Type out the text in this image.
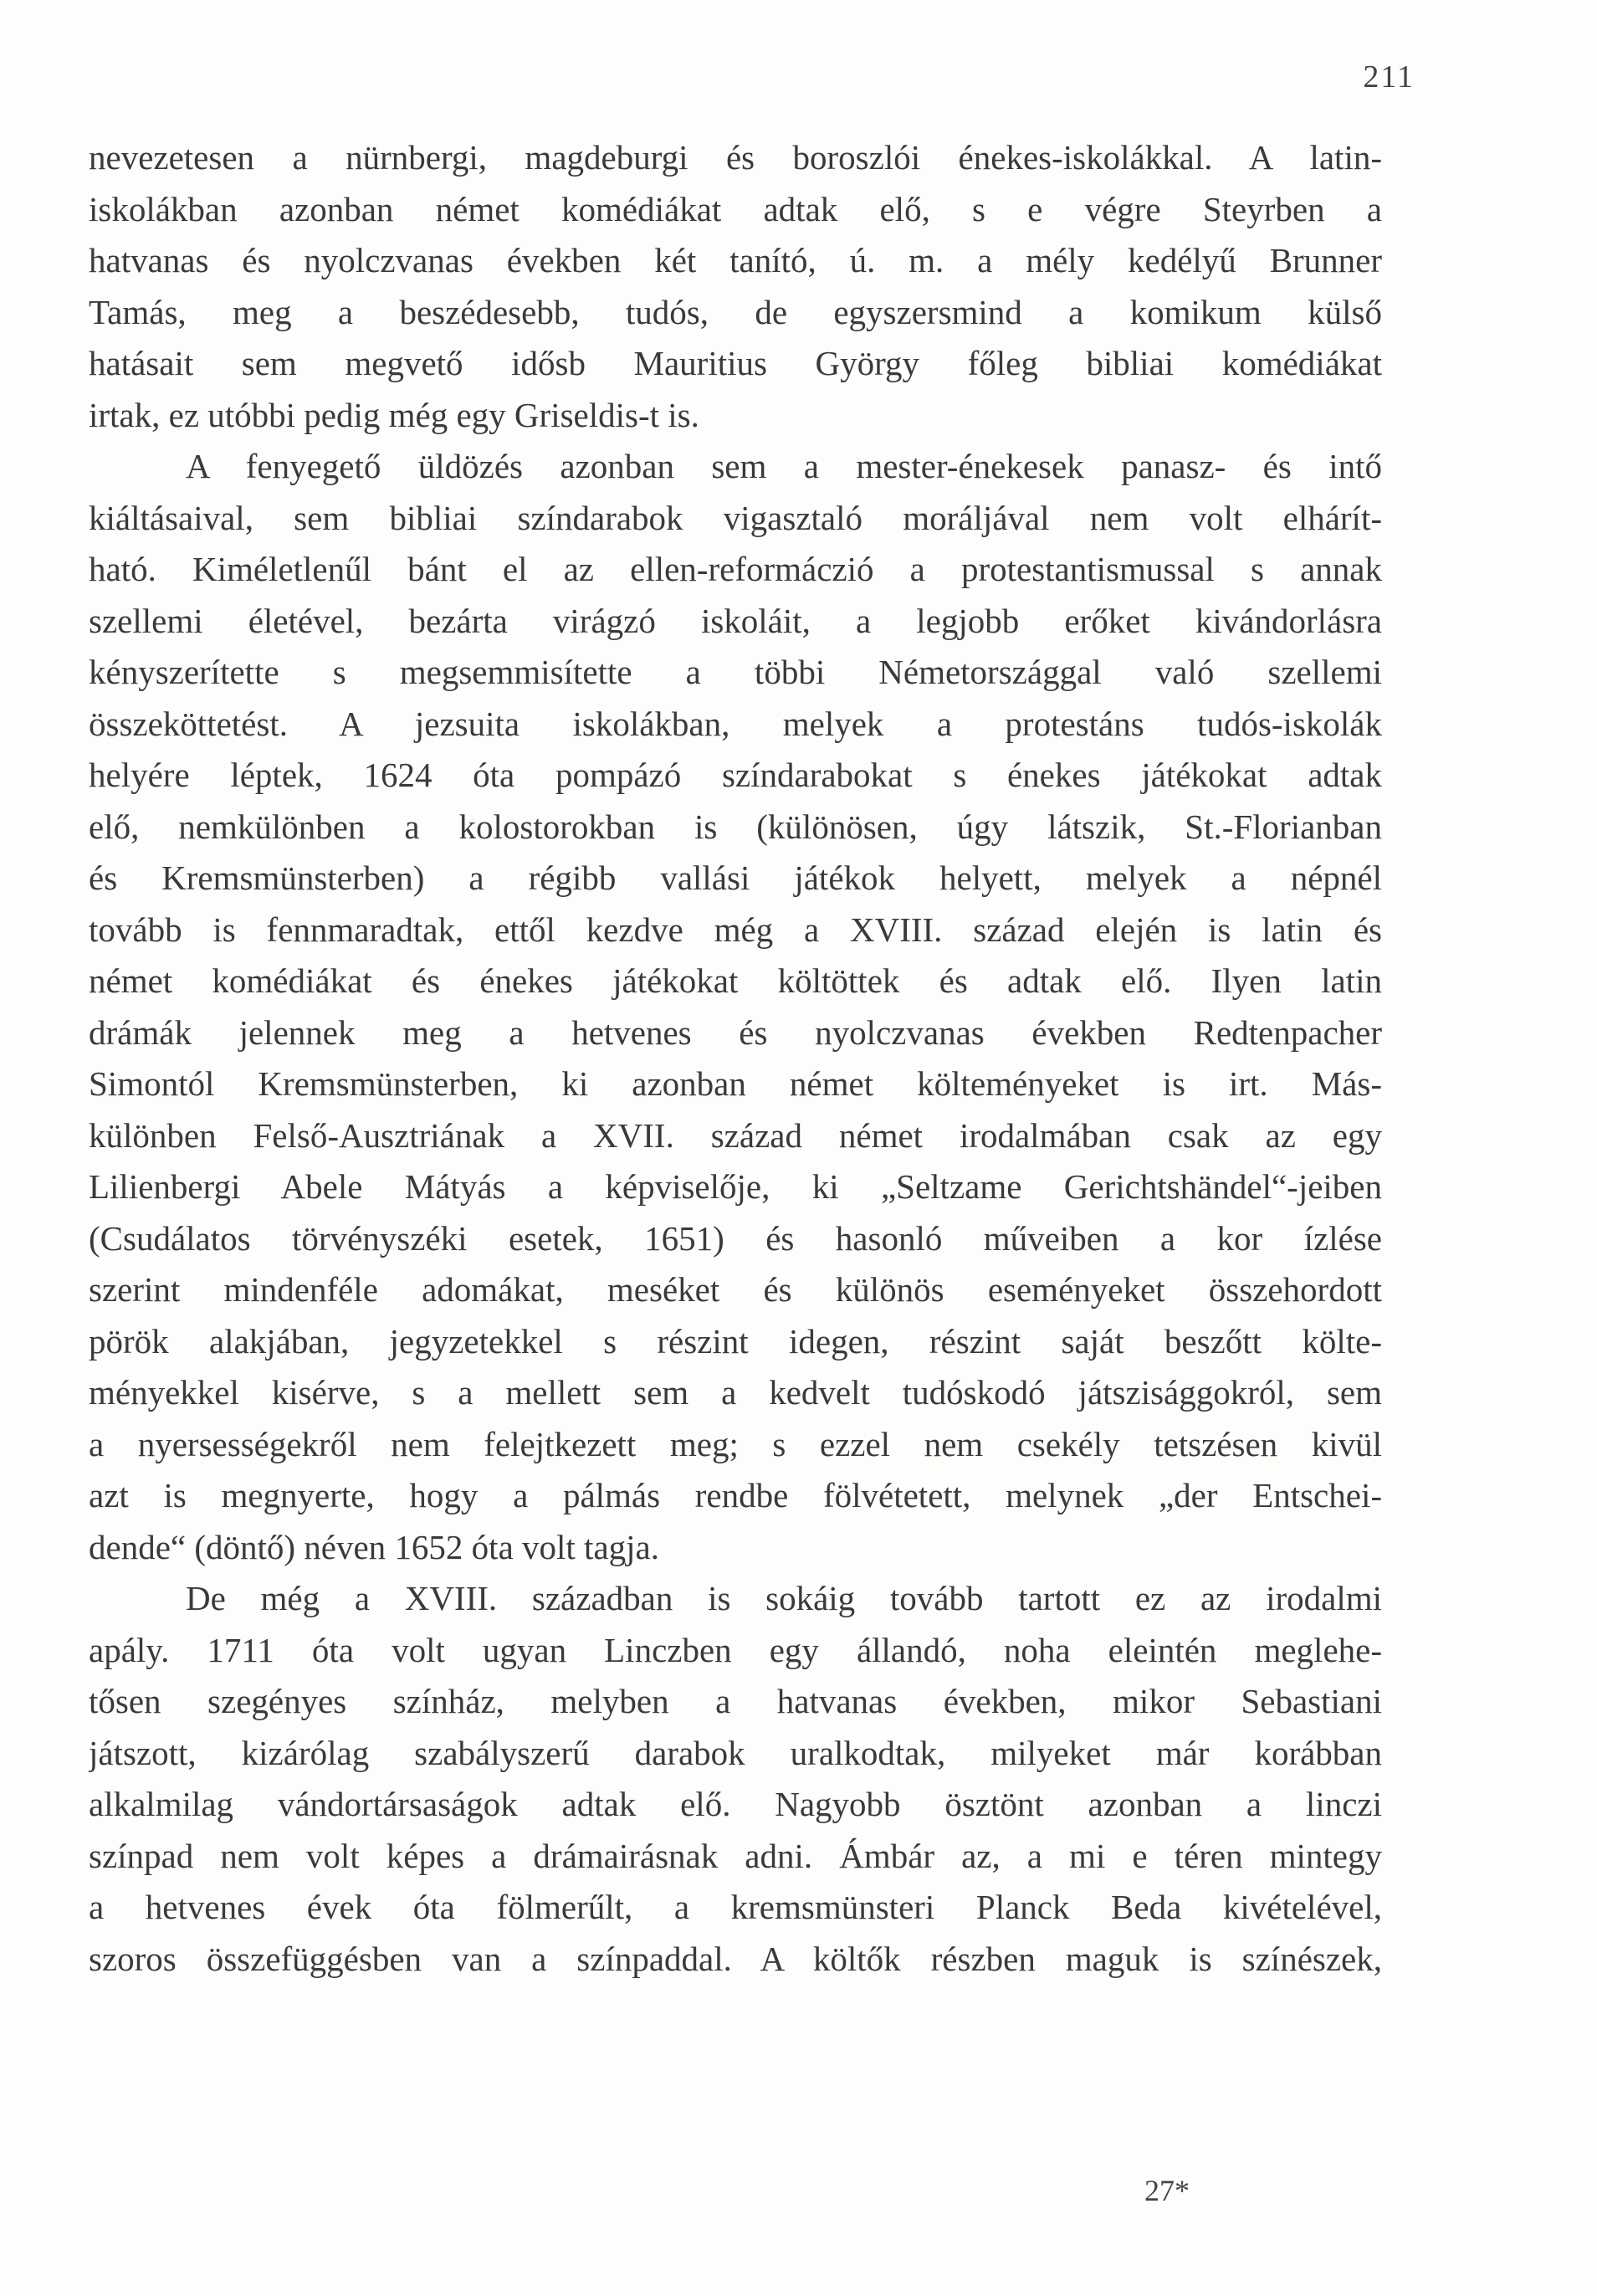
211
nevezetesen a nürnbergi, magdeburgi és boroszlói énekes-iskolákkal. A latin-
iskolákban azonban német komédiákat adtak elő, s e végre Steyrben a
hatvanas és nyolczvanas években két tanító, ú. m. a mély kedélyű Brunner
Tamás, meg a beszédesebb, tudós, de egyszersmind a komikum külső
hatásait sem megvető idősb Mauritius György főleg bibliai komédiákat
irtak, ez utóbbi pedig még egy Griseldis-t is.
A fenyegető üldözés azonban sem a mester-énekesek panasz- és intő
kiáltásaival, sem bibliai színdarabok vigasztaló moráljával nem volt elhárít-
ható. Kiméletlenűl bánt el az ellen-reformáczió a protestantismussal s annak
szellemi életével, bezárta virágzó iskoláit, a legjobb erőket kivándorlásra
kényszerítette s megsemmisítette a többi Németországgal való szellemi
összeköttetést. A jezsuita iskolákban, melyek a protestáns tudós-iskolák
helyére léptek, 1624 óta pompázó színdarabokat s énekes játékokat adtak
elő, nemkülönben a kolostorokban is (különösen, úgy látszik, St.-Florianban
és Kremsmünsterben) a régibb vallási játékok helyett, melyek a népnél
tovább is fennmaradtak, ettől kezdve még a XVIII. század elején is latin és
német komédiákat és énekes játékokat költöttek és adtak elő. Ilyen latin
drámák jelennek meg a hetvenes és nyolczvanas években Redtenpacher
Simontól Kremsmünsterben, ki azonban német költeményeket is irt. Más-
különben Felső-Ausztriának a XVII. század német irodalmában csak az egy
Lilienbergi Abele Mátyás a képviselője, ki „Seltzame Gerichtshändel“-jeiben
(Csudálatos törvényszéki esetek, 1651) és hasonló műveiben a kor ízlése
szerint mindenféle adomákat, meséket és különös eseményeket összehordott
pörök alakjában, jegyzetekkel s részint idegen, részint saját beszőtt költe-
ményekkel kisérve, s a mellett sem a kedvelt tudóskodó játszisággokról, sem
a nyersességekről nem felejtkezett meg; s ezzel nem csekély tetszésen kivül
azt is megnyerte, hogy a pálmás rendbe fölvétetett, melynek „der Entschei-
dende“ (döntő) néven 1652 óta volt tagja.
De még a XVIII. században is sokáig tovább tartott ez az irodalmi
apály. 1711 óta volt ugyan Linczben egy állandó, noha eleintén meglehe-
tősen szegényes színház, melyben a hatvanas években, mikor Sebastiani
játszott, kizárólag szabályszerű darabok uralkodtak, milyeket már korábban
alkalmilag vándortársaságok adtak elő. Nagyobb ösztönt azonban a linczi
színpad nem volt képes a drámairásnak adni. Ámbár az, a mi e téren mintegy
a hetvenes évek óta fölmerűlt, a kremsmünsteri Planck Beda kivételével,
szoros összefüggésben van a színpaddal. A költők részben maguk is színészek,
27*
